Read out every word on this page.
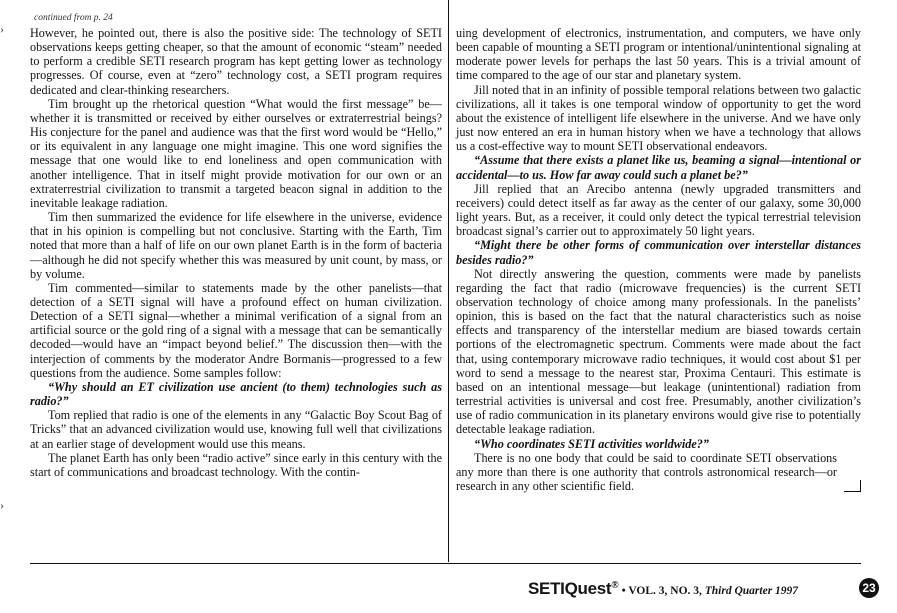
continued from p. 24
›
›

However, he pointed out, there is also the positive side: The technology of SETI observations keeps getting cheaper, so that the amount of economic “steam” needed to perform a credible SETI research program has kept getting lower as technology progresses. Of course, even at “zero” technology cost, a SETI program requires dedicated and clear-thinking researchers.

Tim brought up the rhetorical question “What would the first message” be—whether it is transmitted or received by either ourselves or extraterrestrial beings? His conjecture for the panel and audience was that the first word would be “Hello,” or its equivalent in any language one might imagine. This one word signifies the message that one would like to end loneliness and open communication with another intelligence. That in itself might provide motivation for our own or an extraterrestrial civilization to transmit a targeted beacon signal in addition to the inevitable leakage radiation.

Tim then summarized the evidence for life elsewhere in the universe, evidence that in his opinion is compelling but not conclusive. Starting with the Earth, Tim noted that more than a half of life on our own planet Earth is in the form of bacteria—although he did not specify whether this was measured by unit count, by mass, or by volume.

Tim commented—similar to statements made by the other panelists—that detection of a SETI signal will have a profound effect on human civilization. Detection of a SETI signal—whether a minimal verification of a signal from an artificial source or the gold ring of a signal with a message that can be semantically decoded—would have an “impact beyond belief.” The discussion then—with the interjection of comments by the moderator Andre Bormanis—progressed to a few questions from the audience. Some samples follow:

“Why should an ET civilization use ancient (to them) technologies such as radio?”

Tom replied that radio is one of the elements in any “Galactic Boy Scout Bag of Tricks” that an advanced civilization would use, knowing full well that civilizations at an earlier stage of development would use this means.

The planet Earth has only been “radio active” since early in this century with the start of communications and broadcast technology. With the contin-

uing development of electronics, instrumentation, and computers, we have only been capable of mounting a SETI program or intentional/unintentional signaling at moderate power levels for perhaps the last 50 years. This is a trivial amount of time compared to the age of our star and planetary system.

Jill noted that in an infinity of possible temporal relations between two galactic civilizations, all it takes is one temporal window of opportunity to get the word about the existence of intelligent life elsewhere in the universe. And we have only just now entered an era in human history when we have a technology that allows us a cost-effective way to mount SETI observational endeavors.

“Assume that there exists a planet like us, beaming a signal—intentional or accidental—to us. How far away could such a planet be?”

Jill replied that an Arecibo antenna (newly upgraded transmitters and receivers) could detect itself as far away as the center of our galaxy, some 30,000 light years. But, as a receiver, it could only detect the typical terrestrial television broadcast signal’s carrier out to approximately 50 light years.

“Might there be other forms of communication over interstellar distances besides radio?”

Not directly answering the question, comments were made by panelists regarding the fact that radio (microwave frequencies) is the current SETI observation technology of choice among many professionals. In the panelists’ opinion, this is based on the fact that the natural characteristics such as noise effects and transparency of the interstellar medium are biased towards certain portions of the electromagnetic spectrum. Comments were made about the fact that, using contemporary microwave radio techniques, it would cost about $1 per word to send a message to the nearest star, Proxima Centauri. This estimate is based on an intentional message—but leakage (unintentional) radiation from terrestrial activities is universal and cost free. Presumably, another civilization’s use of radio communication in its planetary environs would give rise to potentially detectable leakage radiation.

“Who coordinates SETI activities worldwide?”

There is no one body that could be said to coordinate SETI observations any more than there is one authority that controls astronomical research—or research in any other scientific field.

SETIQuest® • VOL. 3, NO. 3, Third Quarter 1997	23
